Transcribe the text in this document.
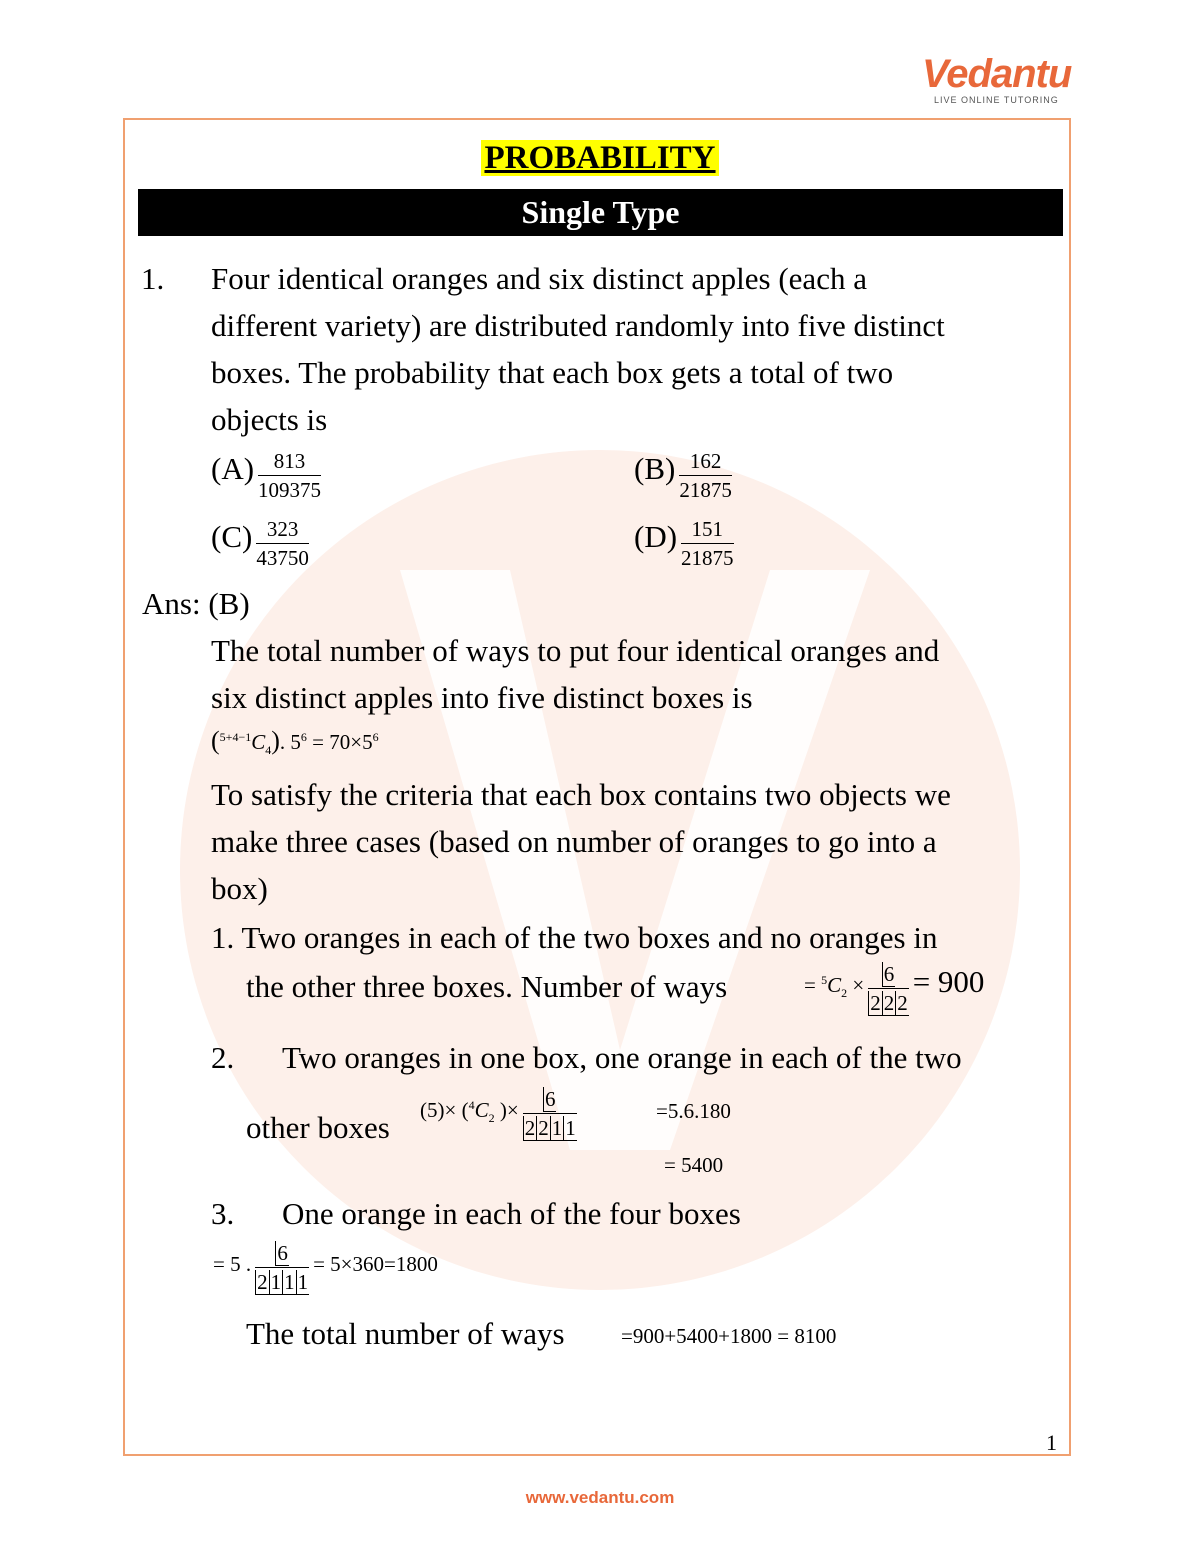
Vedantu
LIVE ONLINE TUTORING
PROBABILITY
Single Type
1. Four identical oranges and six distinct apples (each a
different variety) are distributed randomly into five distinct
boxes. The probability that each box gets a total of two
objects is
$(A) \frac{813}{109375}$	$(B) \frac{162}{21875}$
$(C) \frac{323}{43750}$	$(D) \frac{151}{21875}$
Ans: (B)
The total number of ways to put four identical oranges and
six distinct apples into five distinct boxes is
$(^{5+4-1}C_4)$. $5^6 = 70\times 5^6$
To satisfy the criteria that each box contains two objects we
make three cases (based on number of oranges to go into a
box)
1. Two oranges in each of the two boxes and no oranges in
the other three boxes. Number of ways	= $^5C_2 \times \frac{6}{2 2 2} = 900$
2. Two oranges in one box, one orange in each of the two
other boxes $(5)\times (^4C_2$ )× $\frac{6}{2 2 1 1}$	=5.6.180
= 5400
3. One orange in each of the four boxes
= 5 . $\frac{6}{2 1 1 1} = 5\times 360=1800$
The total number of ways	=900+5400+1800 = 8100
1
www.vedantu.com
